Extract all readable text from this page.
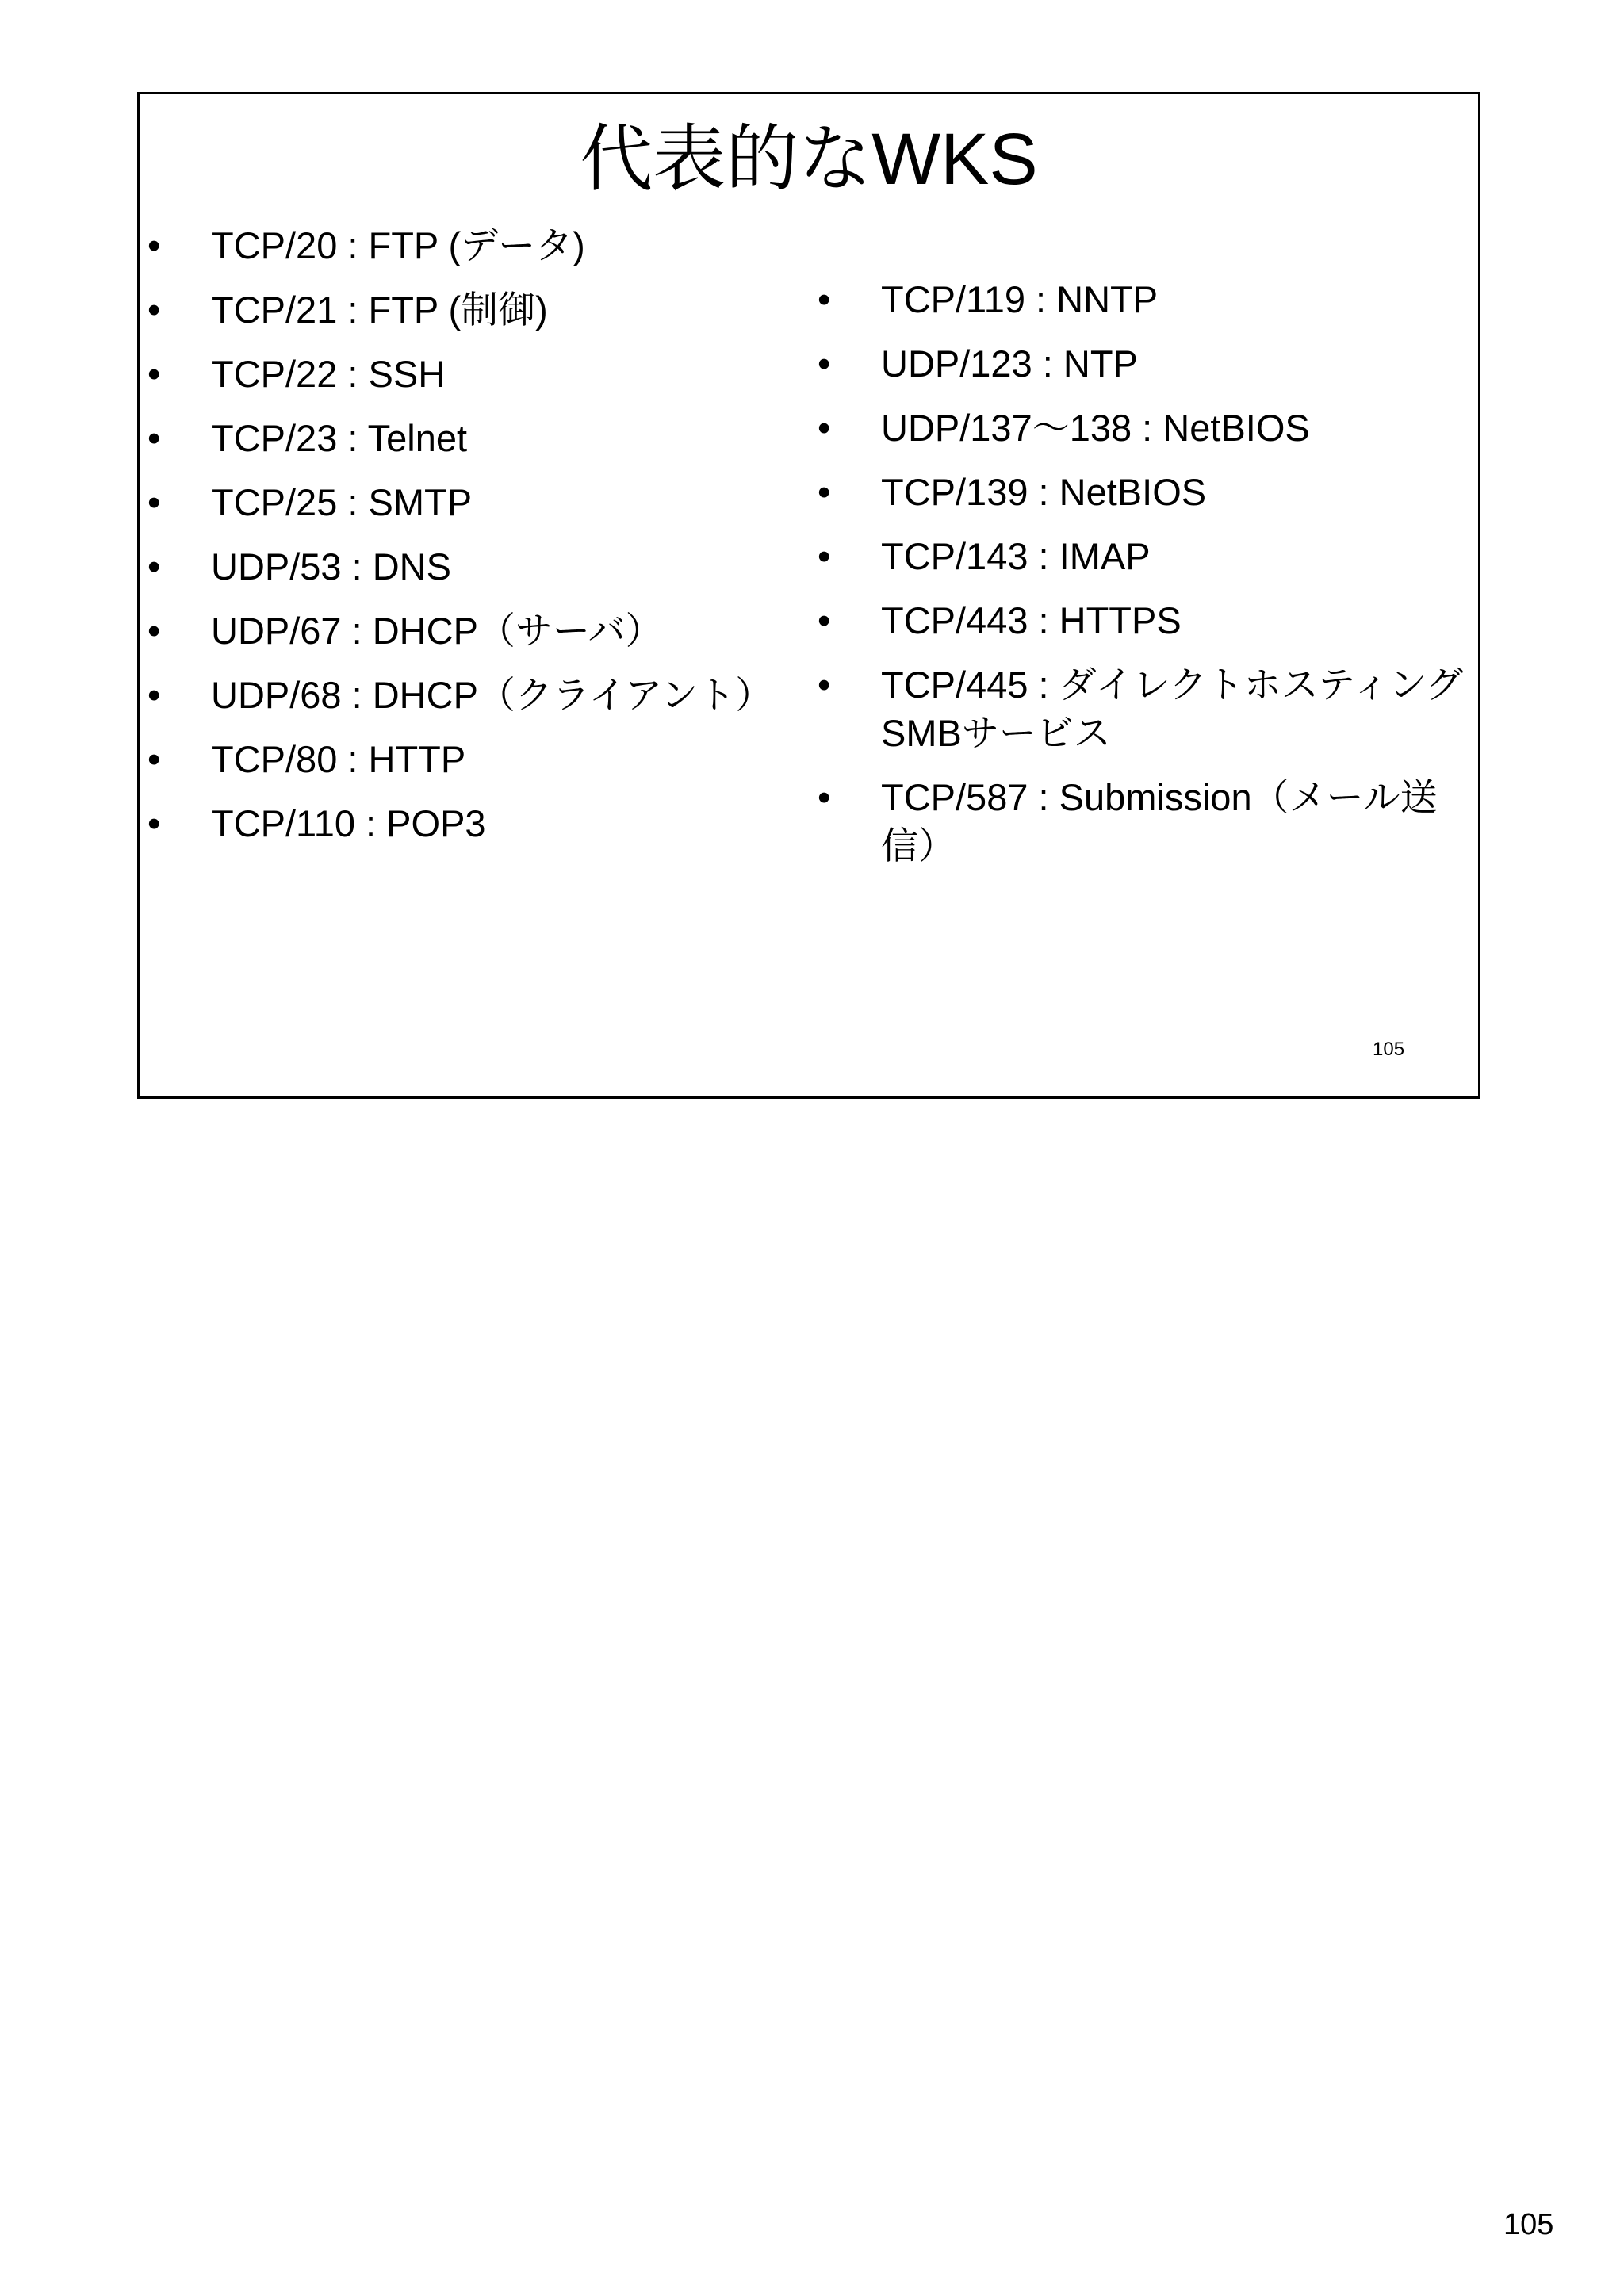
代表的なWKS
•	TCP/20 : FTP (データ)
•	TCP/21 : FTP (制御)
•	TCP/22 : SSH
•	TCP/23 : Telnet
•	TCP/25 : SMTP
•	UDP/53 : DNS
•	UDP/67 : DHCP（サーバ）
•	UDP/68 : DHCP（クライアント）
•	TCP/80 : HTTP
•	TCP/110 : POP3
•	TCP/119 : NNTP
•	UDP/123 : NTP
•	UDP/137～138 : NetBIOS
•	TCP/139 : NetBIOS
•	TCP/143 : IMAP
•	TCP/443 : HTTPS
•	TCP/445 : ダイレクトホスティングSMBサービス
•	TCP/587 : Submission（メール送信）
105
105
